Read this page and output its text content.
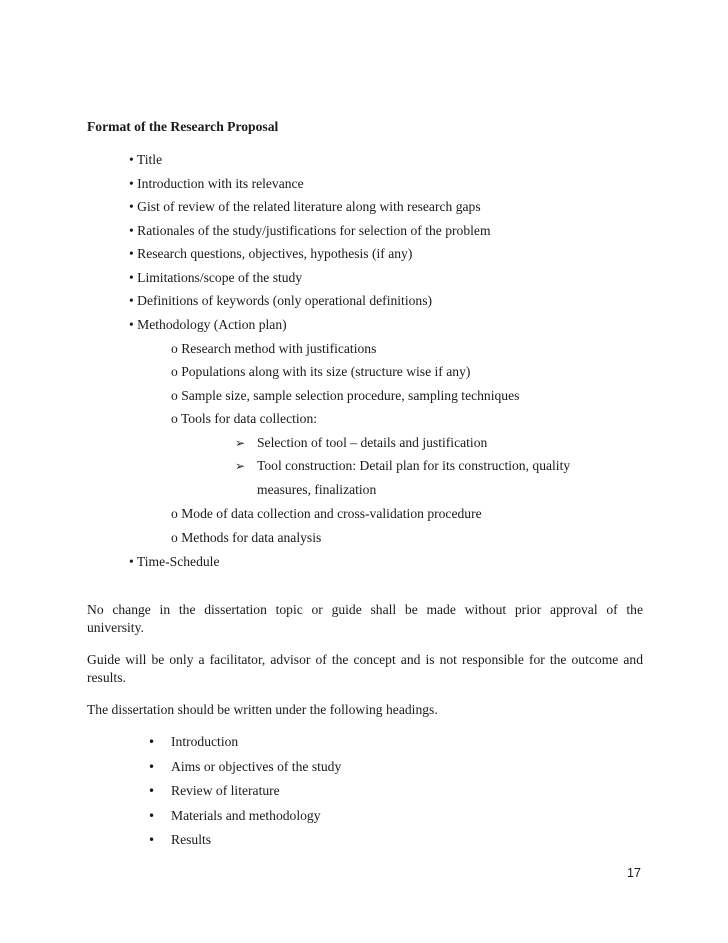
Format of the Research Proposal
• Title
• Introduction with its relevance
• Gist of review of the related literature along with research gaps
• Rationales of the study/justifications for selection of the problem
• Research questions, objectives, hypothesis (if any)
• Limitations/scope of the study
• Definitions of keywords (only operational definitions)
• Methodology (Action plan)
o Research method with justifications
o Populations along with its size (structure wise if any)
o Sample size, sample selection procedure, sampling techniques
o Tools for data collection:
➢ Selection of tool – details and justification
➢ Tool construction: Detail plan for its construction, quality
measures, finalization
o Mode of data collection and cross-validation procedure
o Methods for data analysis
• Time-Schedule
No change in the dissertation topic or guide shall be made without prior approval of the
university.
Guide will be only a facilitator, advisor of the concept and is not responsible for the outcome and
results.
The dissertation should be written under the following headings.
• Introduction
• Aims or objectives of the study
• Review of literature
• Materials and methodology
• Results
17
